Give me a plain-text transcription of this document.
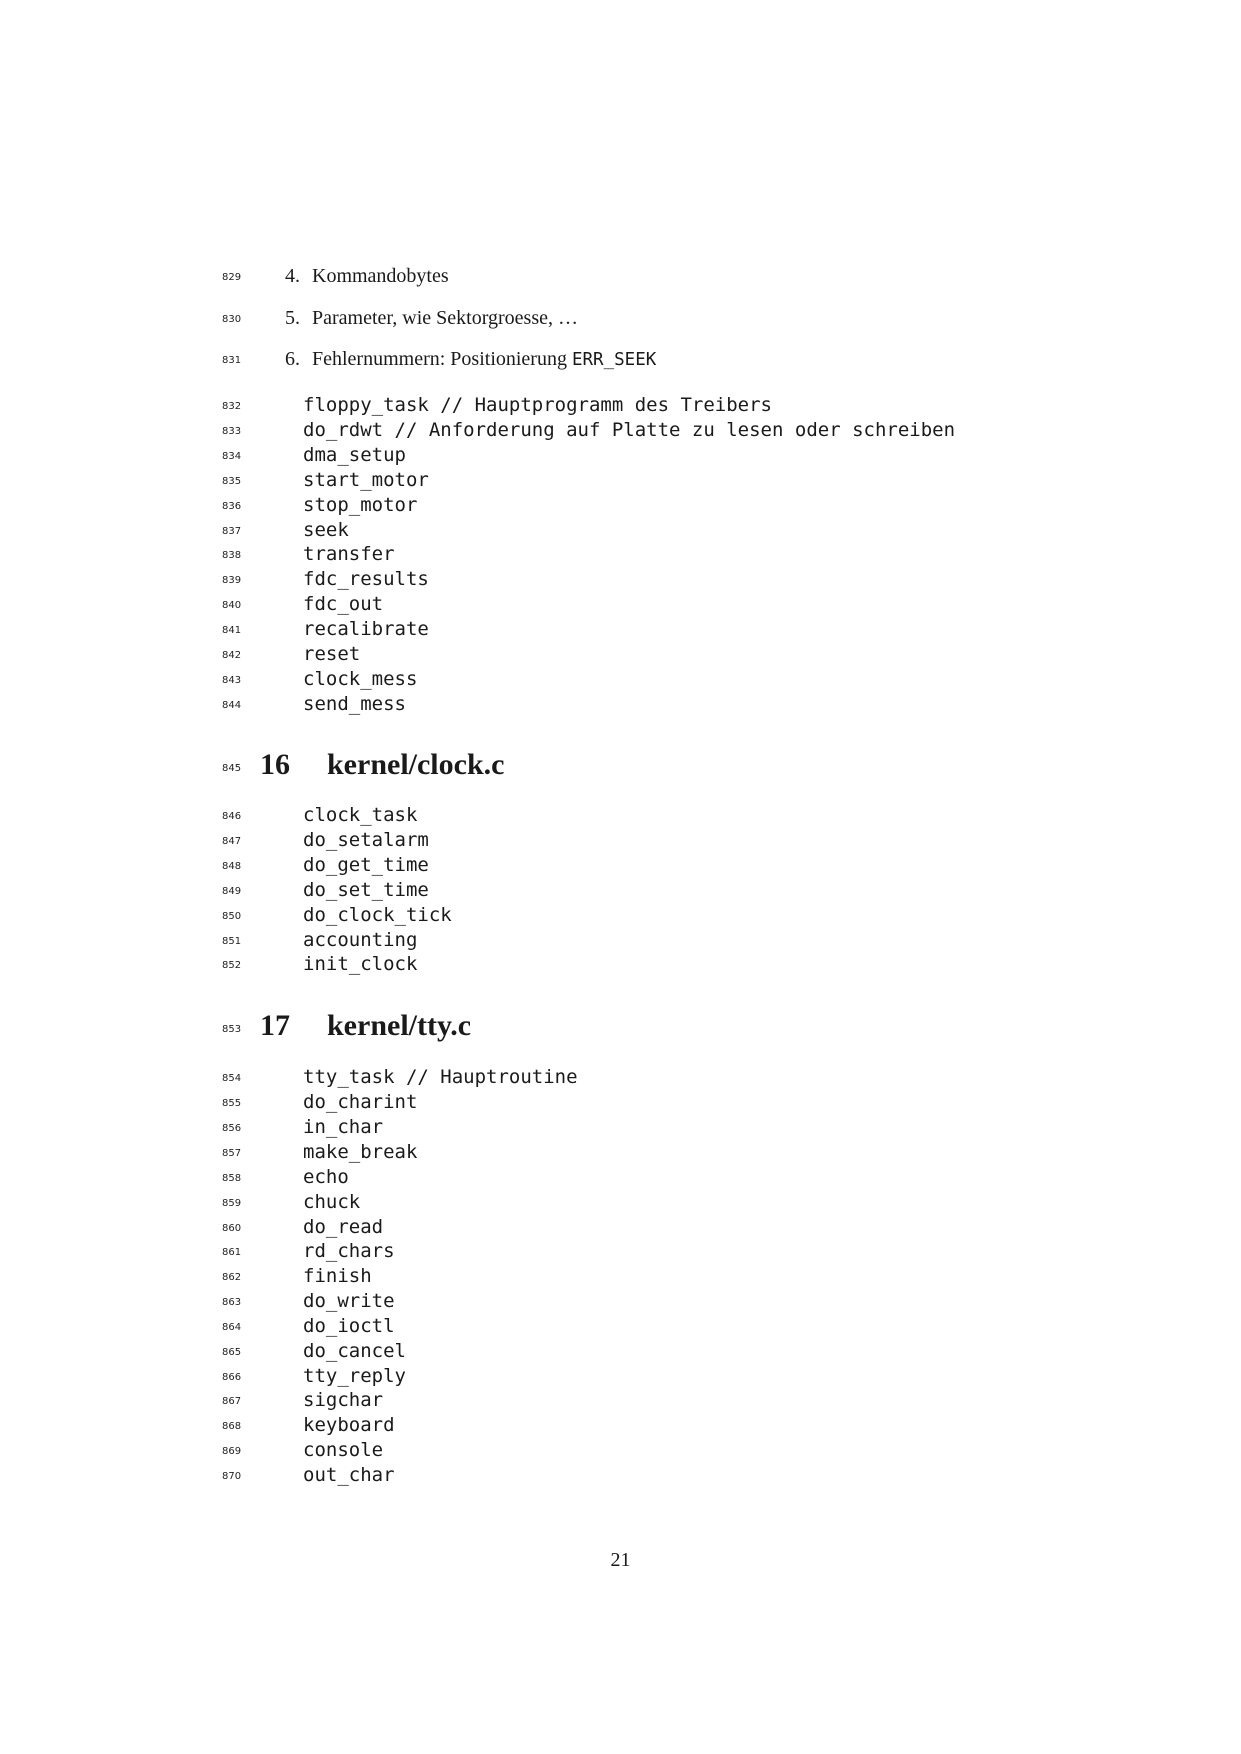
829 4. Kommandobytes
830 5. Parameter, wie Sektorgroesse, …
831 6. Fehlernummern: Positionierung ERR_SEEK
832	floppy_task // Hauptprogramm des Treibers
833	do_rdwt // Anforderung auf Platte zu lesen oder schreiben
834	dma_setup
835	start_motor
836	stop_motor
837	seek
838	transfer
839	fdc_results
840	fdc_out
841	recalibrate
842	reset
843	clock_mess
844	send_mess
845 16 kernel/clock.c
846	clock_task
847	do_setalarm
848	do_get_time
849	do_set_time
850	do_clock_tick
851	accounting
852	init_clock
853 17 kernel/tty.c
854	tty_task // Hauptroutine
855	do_charint
856	in_char
857	make_break
858	echo
859	chuck
860	do_read
861	rd_chars
862	finish
863	do_write
864	do_ioctl
865	do_cancel
866	tty_reply
867	sigchar
868	keyboard
869	console
870	out_char
21
